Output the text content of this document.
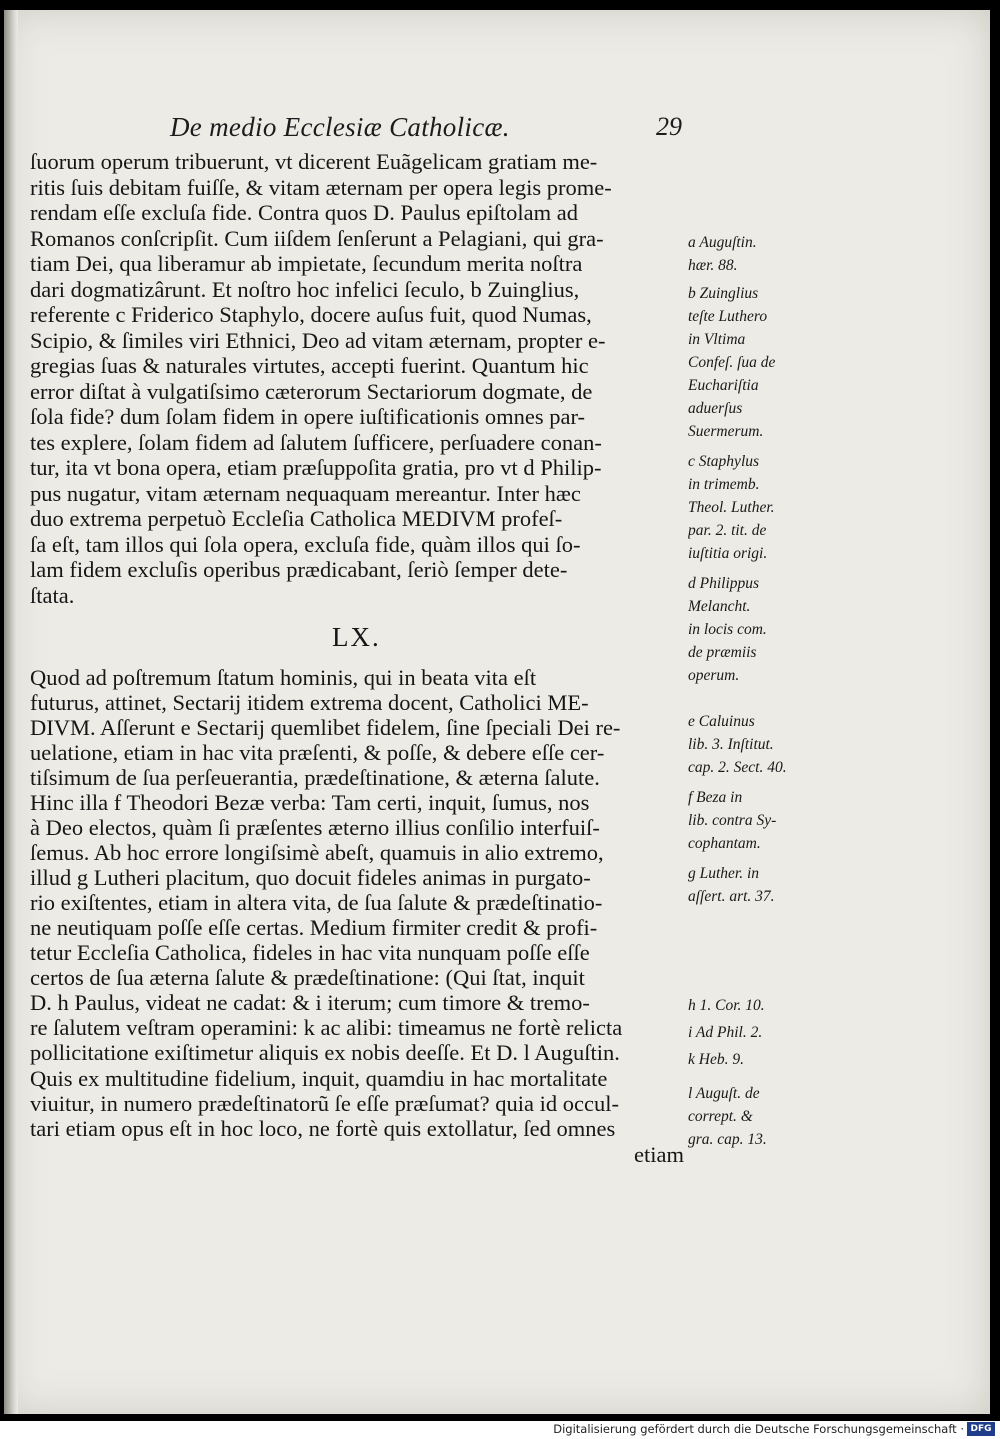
De medio Ecclesiæ Catholicæ.	29
ſuorum operum tribuerunt, vt dicerent Euãgelicam gratiam me-
ritis ſuis debitam fuiſſe, & vitam æternam per opera legis prome-
rendam eſſe excluſa fide. Contra quos D. Paulus epiſtolam ad
Romanos conſcripſit. Cum iiſdem ſenſerunt a Pelagiani, qui gra-
tiam Dei, qua liberamur ab impietate, ſecundum merita noſtra
dari dogmatizârunt. Et noſtro hoc infelici ſeculo, b Zuinglius,
referente c Friderico Staphylo, docere auſus fuit, quod Numas,
Scipio, & ſimiles viri Ethnici, Deo ad vitam æternam, propter e-
gregias ſuas & naturales virtutes, accepti fuerint. Quantum hic
error diſtat à vulgatiſsimo cæterorum Sectariorum dogmate, de
ſola fide? dum ſolam fidem in opere iuſtificationis omnes par-
tes explere, ſolam fidem ad ſalutem ſufficere, perſuadere conan-
tur, ita vt bona opera, etiam præſuppoſita gratia, pro vt d Philip-
pus nugatur, vitam æternam nequaquam mereantur. Inter hæc
duo extrema perpetuò Eccleſia Catholica MEDIVM profeſ-
ſa eſt, tam illos qui ſola opera, excluſa fide, quàm illos qui ſo-
lam fidem excluſis operibus prædicabant, ſeriò ſemper dete-
ſtata.
LX.
Quod ad poſtremum ſtatum hominis, qui in beata vita eſt
futurus, attinet, Sectarij itidem extrema docent, Catholici ME-
DIVM. Aſſerunt e Sectarij quemlibet fidelem, ſine ſpeciali Dei re-
uelatione, etiam in hac vita præſenti, & poſſe, & debere eſſe cer-
tiſsimum de ſua perſeuerantia, prædeſtinatione, & æterna ſalute.
Hinc illa f Theodori Bezæ verba: Tam certi, inquit, ſumus, nos
à Deo electos, quàm ſi præſentes æterno illius conſilio interfuiſ-
ſemus. Ab hoc errore longiſsimè abeſt, quamuis in alio extremo,
illud g Lutheri placitum, quo docuit fideles animas in purgato-
rio exiſtentes, etiam in altera vita, de ſua ſalute & prædeſtinatio-
ne neutiquam poſſe eſſe certas. Medium firmiter credit & profi-
tetur Eccleſia Catholica, fideles in hac vita nunquam poſſe eſſe
certos de ſua æterna ſalute & prædeſtinatione: (Qui ſtat, inquit
D. h Paulus, videat ne cadat: & i iterum; cum timore & tremo-
re ſalutem veſtram operamini: k ac alibi: timeamus ne fortè relicta
pollicitatione exiſtimetur aliquis ex nobis deeſſe. Et D. l Auguſtin.
Quis ex multitudine fidelium, inquit, quamdiu in hac mortalitate
viuitur, in numero prædeſtinatorũ ſe eſſe præſumat? quia id occul-
tari etiam opus eſt in hoc loco, ne fortè quis extollatur, ſed omnes
etiam
a Auguſtin.
hær. 88.
b Zuinglius
teſte Luthero
in Vltima
Confeſ. ſua de
Euchariſtia
aduerſus
Suermerum.
c Staphylus
in trimemb.
Theol. Luther.
par. 2. tit. de
iuſtitia origi.
d Philippus
Melancht.
in locis com.
de præmiis
operum.
e Caluinus
lib. 3. Inſtitut.
cap. 2. Sect. 40.
f Beza in
lib. contra Sy-
cophantam.
g Luther. in
aſſert. art. 37.
h 1. Cor. 10.
i Ad Phil. 2.
k Heb. 9.
l Auguſt. de
corrept. &
gra. cap. 13.
Digitalisierung gefördert durch die Deutsche Forschungsgemeinschaft · DFG
